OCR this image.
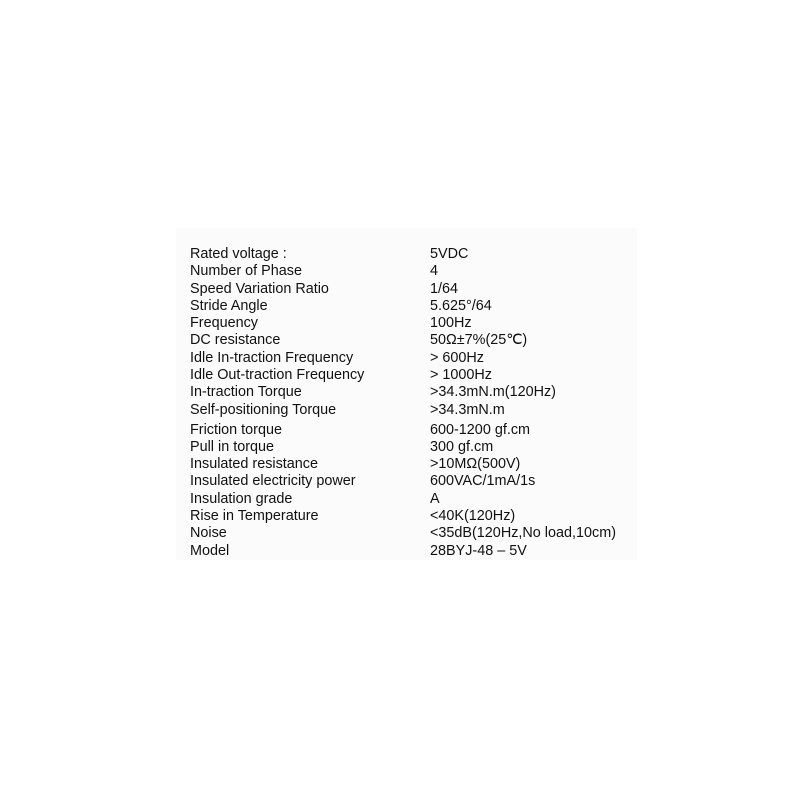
Rated voltage :	5VDC
Number of Phase	4
Speed Variation Ratio	1/64
Stride Angle	5.625°/64
Frequency	100Hz
DC resistance	50Ω±7%(25℃)
Idle In-traction Frequency	> 600Hz
Idle Out-traction Frequency	> 1000Hz
In-traction Torque	>34.3mN.m(120Hz)
Self-positioning Torque	>34.3mN.m
Friction torque	600-1200 gf.cm
Pull in torque	300 gf.cm
Insulated resistance	>10MΩ(500V)
Insulated electricity power	600VAC/1mA/1s
Insulation grade	A
Rise in Temperature	<40K(120Hz)
Noise	<35dB(120Hz,No load,10cm)
Model	28BYJ-48 – 5V
